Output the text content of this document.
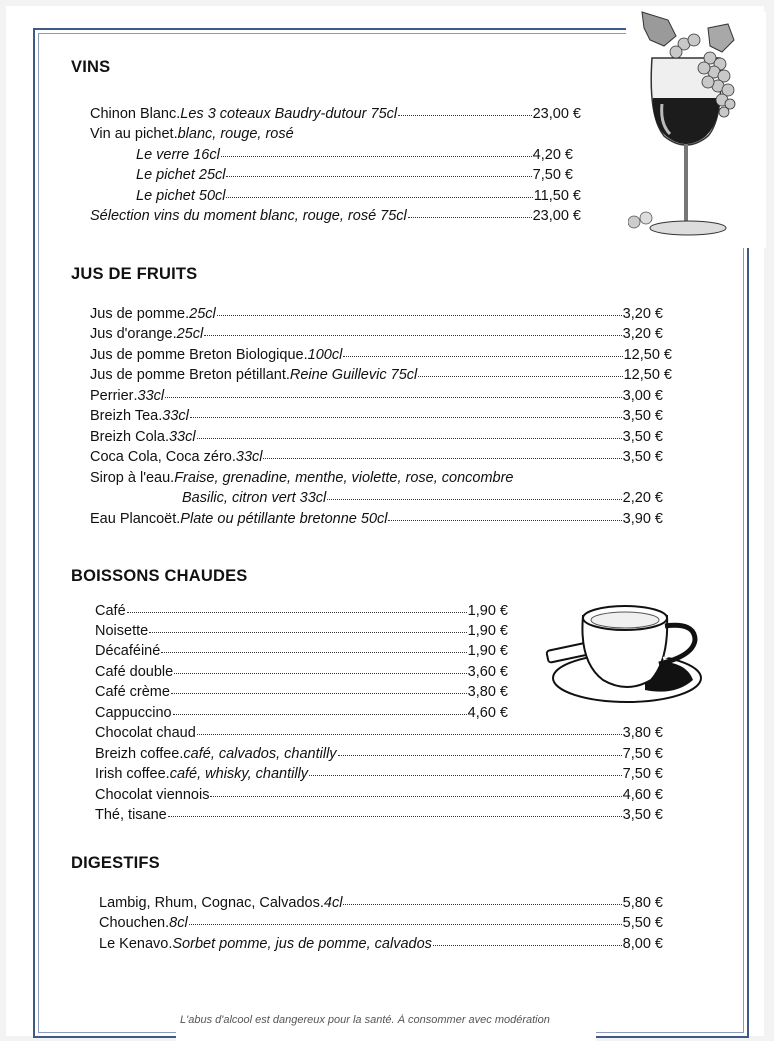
VINS
Chinon Blanc . Les 3 coteaux Baudry-dutour 75cl	23,00 €
Vin au pichet . blanc, rouge, rosé
Le verre 16cl	4,20 €
Le pichet 25cl	7,50 €
Le pichet 50cl	11,50 €
Sélection vins du moment blanc, rouge, rosé 75cl	23,00 €
JUS DE FRUITS
Jus de pomme . 25cl	3,20 €
Jus d'orange . 25cl	3,20 €
Jus de pomme Breton Biologique . 100cl	12,50 €
Jus de pomme Breton pétillant . Reine Guillevic 75cl	12,50 €
Perrier . 33cl	3,00 €
Breizh Tea . 33cl	3,50 €
Breizh Cola . 33cl	3,50 €
Coca Cola, Coca zéro . 33cl	3,50 €
Sirop à l'eau . Fraise, grenadine, menthe, violette, rose, concombre
Basilic, citron vert 33cl	2,20 €
Eau Plancoët . Plate ou pétillante bretonne 50cl	3,90 €
BOISSONS CHAUDES
Café	1,90 €
Noisette	1,90 €
Décaféiné	1,90 €
Café double	3,60 €
Café crème	3,80 €
Cappuccino	4,60 €
Chocolat chaud	3,80 €
Breizh coffee . café, calvados, chantilly	7,50 €
Irish coffee . café, whisky, chantilly	7,50 €
Chocolat viennois	4,60 €
Thé, tisane	3,50 €
DIGESTIFS
Lambig, Rhum, Cognac, Calvados . 4cl	5,80 €
Chouchen . 8cl	5,50 €
Le Kenavo . Sorbet pomme, jus de pomme, calvados	8,00 €
L'abus d'alcool est dangereux pour la santé. À consommer avec modération
